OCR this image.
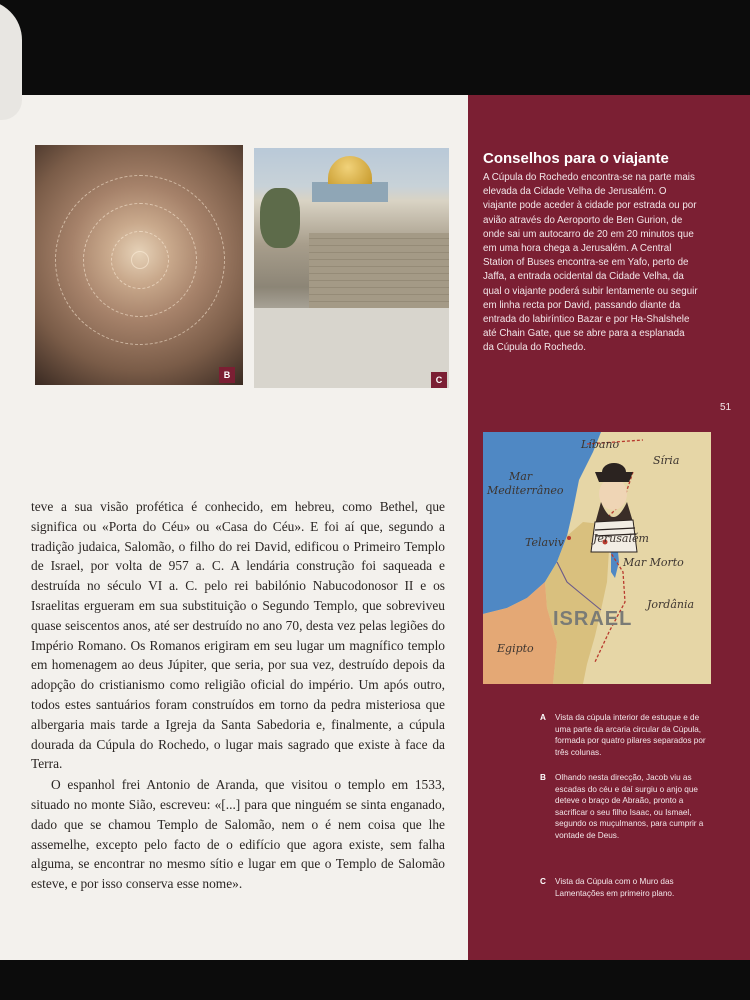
B	C

teve a sua visão profética é conhecido, em hebreu, como Bethel, que significa ou «Porta do Céu» ou «Casa do Céu». E foi aí que, segundo a tradição judaica, Salomão, o filho do rei David, edificou o Primeiro Templo de Israel, por volta de 957 a. C. A lendária construção foi saqueada e destruída no século VI a. C. pelo rei babilónio Nabucodonosor II e os Israelitas ergueram em sua substituição o Segundo Templo, que sobreviveu quase seiscentos anos, até ser destruído no ano 70, desta vez pelas legiões do Império Romano. Os Romanos erigiram em seu lugar um magnífico templo em homenagem ao deus Júpiter, que seria, por sua vez, destruído depois da adopção do cristianismo como religião oficial do império. Um após outro, todos estes santuários foram construídos em torno da pedra misteriosa que albergaria mais tarde a Igreja da Santa Sabedoria e, finalmente, a cúpula dourada da Cúpula do Rochedo, o lugar mais sagrado que existe à face da Terra.

O espanhol frei Antonio de Aranda, que visitou o templo em 1533, situado no monte Sião, escreveu: «[...] para que ninguém se sinta enganado, dado que se chamou Templo de Salomão, nem o é nem coisa que lhe assemelhe, excepto pelo facto de o edifício que agora existe, sem falha alguma, se encontrar no mesmo sítio e lugar em que o Templo de Salomão esteve, e por isso conserva esse nome».

Conselhos para o viajante

A Cúpula do Rochedo encontra-se na parte mais elevada da Cidade Velha de Jerusalém. O viajante pode aceder à cidade por estrada ou por avião através do Aeroporto de Ben Gurion, de onde sai um autocarro de 20 em 20 minutos que em uma hora chega a Jerusalém. A Central Station of Buses encontra-se em Yafo, perto de Jaffa, a entrada ocidental da Cidade Velha, da qual o viajante poderá subir lentamente ou seguir em linha recta por David, passando diante da entrada do labiríntico Bazar e por Ha-Shalshele até Chain Gate, que se abre para a esplanada da Cúpula do Rochedo.

51
Líbano
Síria
Mar
Mediterrâneo
Telaviv	Jerusalém
Mar Morto
Jordânia
ISRAEL
Egipto
A Vista da cúpula interior de estuque e de uma parte da arcaria circular da Cúpula, formada por quatro pilares separados por três colunas.
B Olhando nesta direcção, Jacob viu as escadas do céu e daí surgiu o anjo que deteve o braço de Abraão, pronto a sacrificar o seu filho Isaac, ou Ismael, segundo os muçulmanos, para cumprir a vontade de Deus.
C Vista da Cúpula com o Muro das Lamentações em primeiro plano.
